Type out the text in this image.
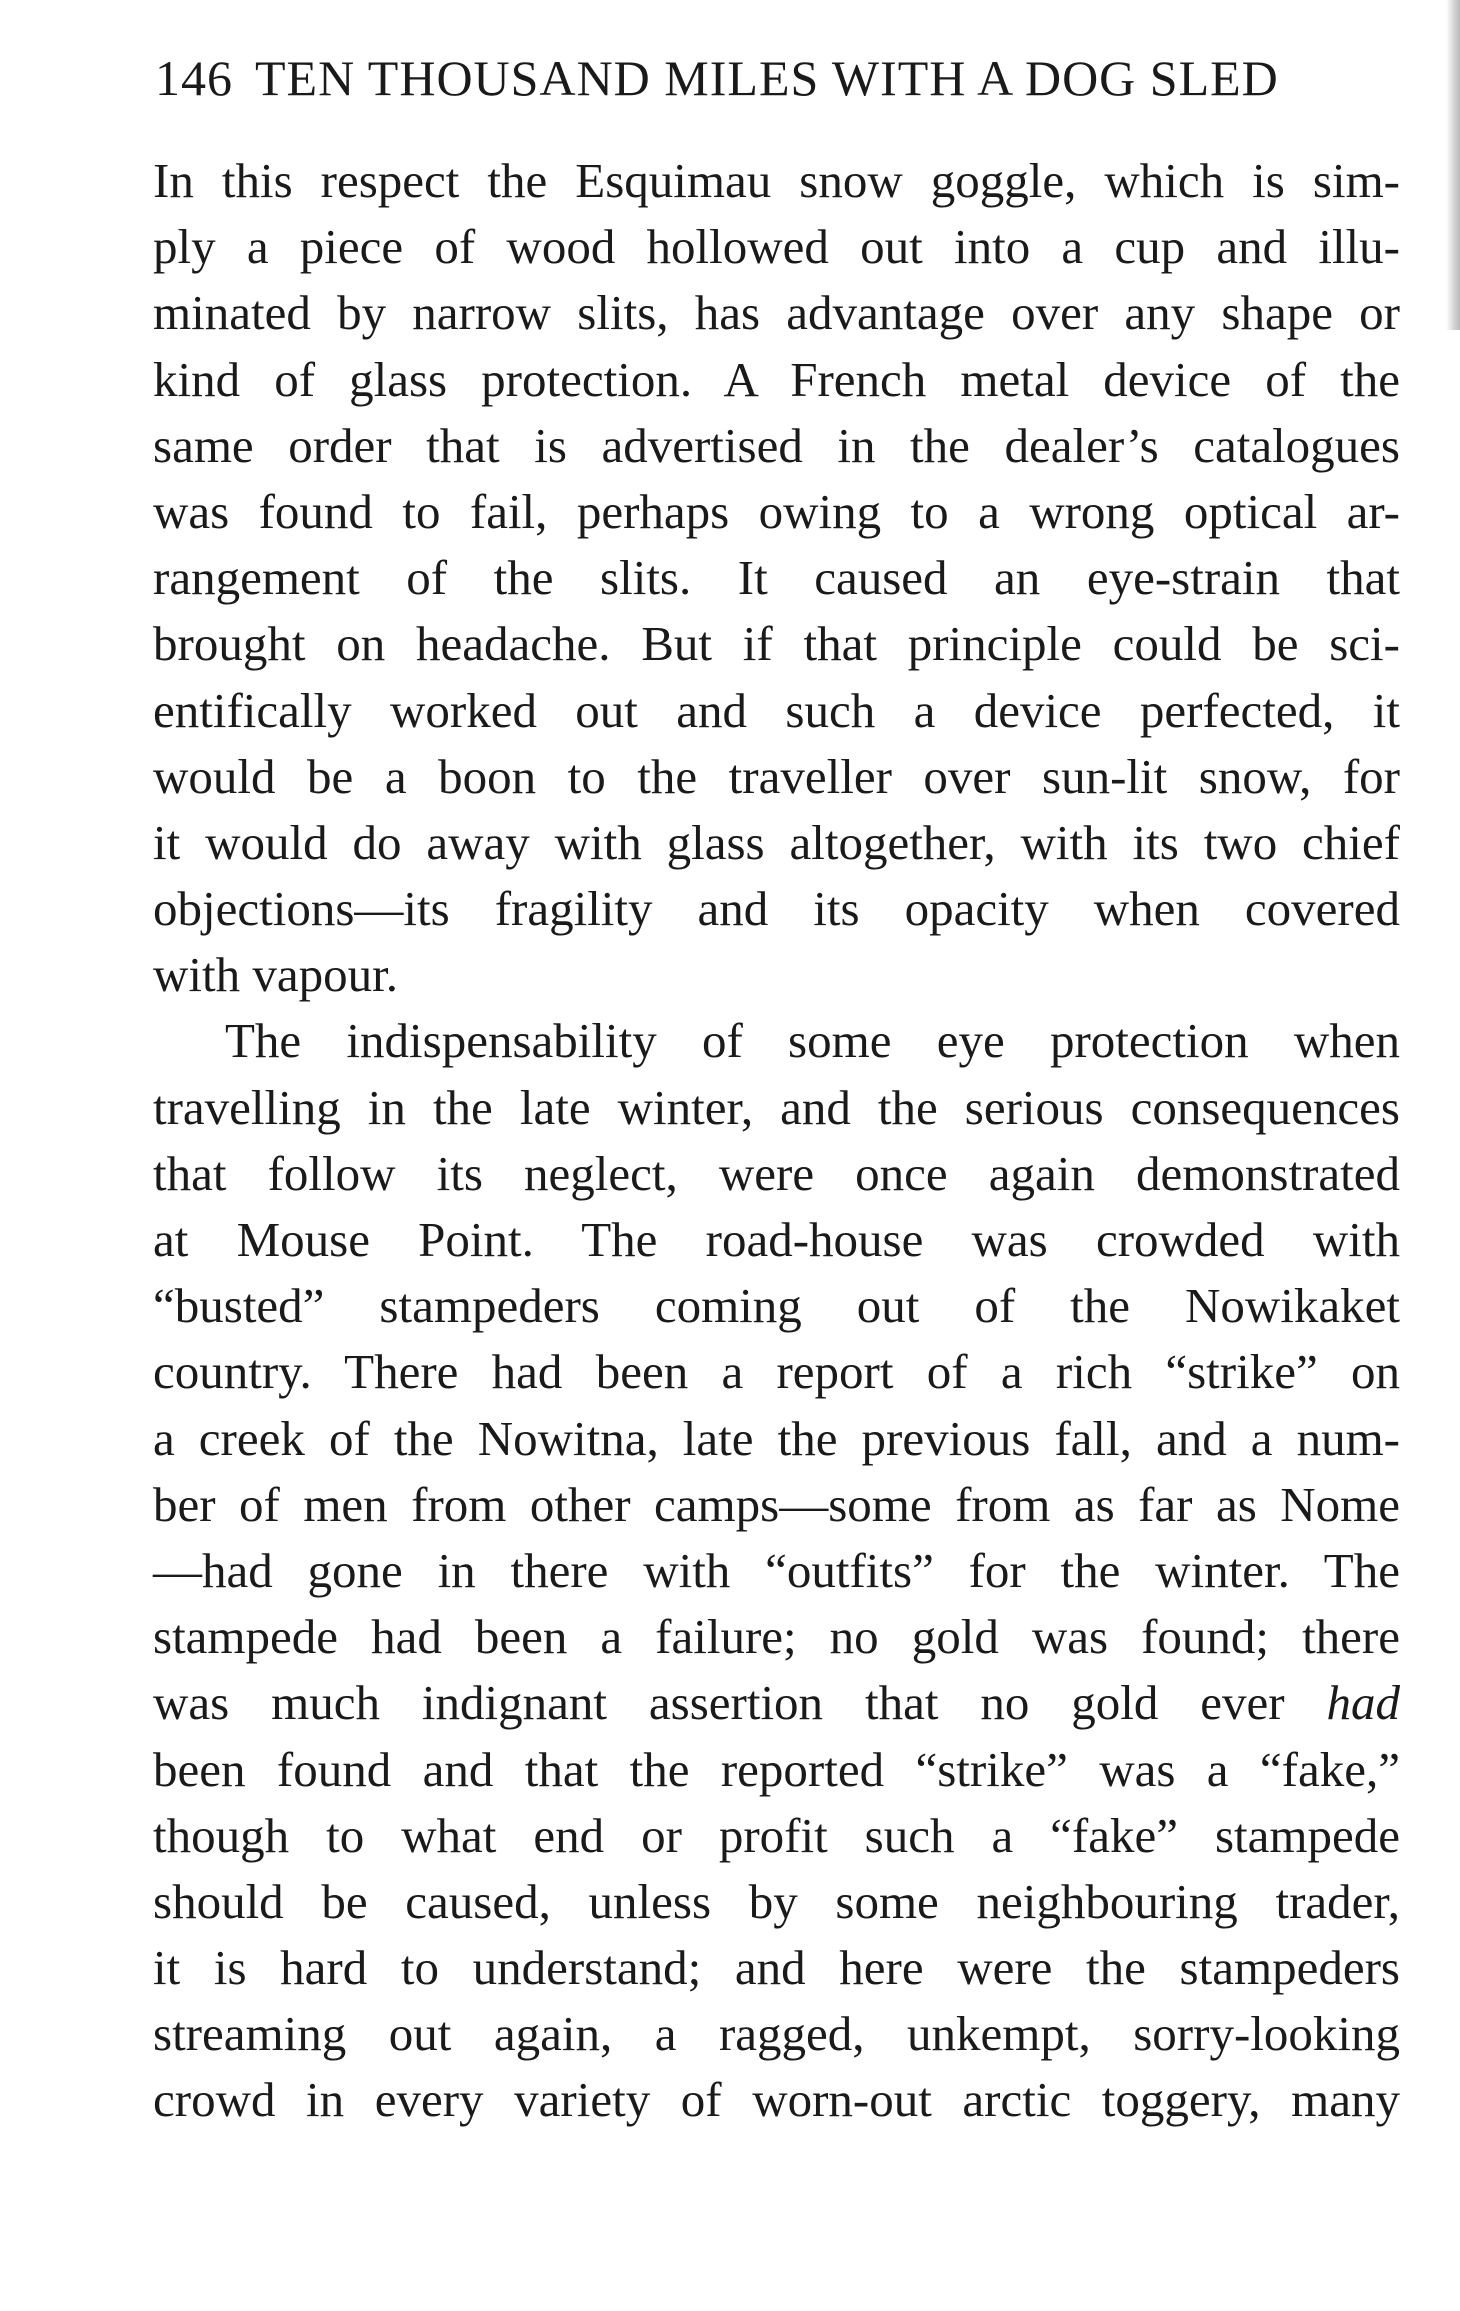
146 TEN THOUSAND MILES WITH A DOG SLED
In this respect the Esquimau snow goggle, which is sim-
ply a piece of wood hollowed out into a cup and illu-
minated by narrow slits, has advantage over any shape or
kind of glass protection. A French metal device of the
same order that is advertised in the dealer’s catalogues
was found to fail, perhaps owing to a wrong optical ar-
rangement of the slits. It caused an eye-strain that
brought on headache. But if that principle could be sci-
entifically worked out and such a device perfected, it
would be a boon to the traveller over sun-lit snow, for
it would do away with glass altogether, with its two chief
objections—its fragility and its opacity when covered
with vapour.
The indispensability of some eye protection when
travelling in the late winter, and the serious consequences
that follow its neglect, were once again demonstrated
at Mouse Point. The road-house was crowded with
“busted” stampeders coming out of the Nowikaket
country. There had been a report of a rich “strike” on
a creek of the Nowitna, late the previous fall, and a num-
ber of men from other camps—some from as far as Nome
—had gone in there with “outfits” for the winter. The
stampede had been a failure; no gold was found; there
was much indignant assertion that no gold ever had
been found and that the reported “strike” was a “fake,”
though to what end or profit such a “fake” stampede
should be caused, unless by some neighbouring trader,
it is hard to understand; and here were the stampeders
streaming out again, a ragged, unkempt, sorry-looking
crowd in every variety of worn-out arctic toggery, many
